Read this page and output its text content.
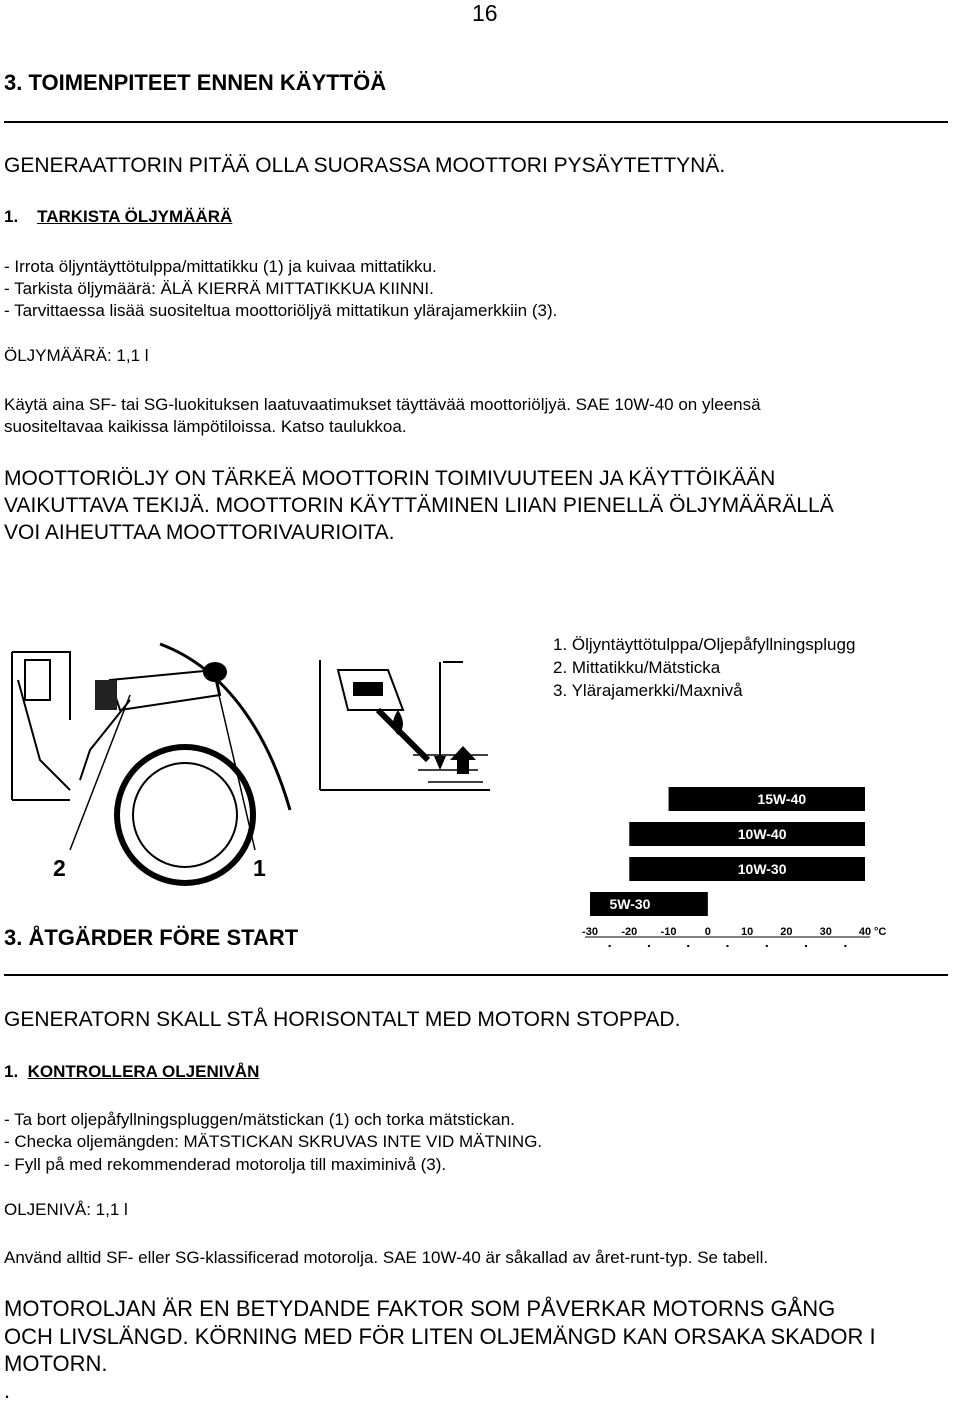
16
3. TOIMENPITEET ENNEN KÄYTTÖÄ
GENERAATTORIN PITÄÄ OLLA SUORASSA MOOTTORI PYSÄYTETTYNÄ.
1. TARKISTA ÖLJYMÄÄRÄ
- Irrota öljyntäyttötulppa/mittatikku (1) ja kuivaa mittatikku.
- Tarkista öljymäärä: ÄLÄ KIERRÄ MITTATIKKUA KIINNI.
- Tarvittaessa lisää suositeltua moottoriöljyä mittatikun ylärajamerkkiin (3).
ÖLJYMÄÄRÄ: 1,1 l
Käytä aina SF- tai SG-luokituksen laatuvaatimukset täyttävää moottoriöljyä. SAE 10W-40 on yleensä
suositeltavaa kaikissa lämpötiloissa. Katso taulukkoa.
MOOTTORIÖLJY ON TÄRKEÄ MOOTTORIN TOIMIVUUTEEN JA KÄYTTÖIKÄÄN
VAIKUTTAVA TEKIJÄ. MOOTTORIN KÄYTTÄMINEN LIIAN PIENELLÄ ÖLJYMÄÄRÄLLÄ
VOI AIHEUTTAA MOOTTORIVAURIOITA.
2	1
1. Öljyntäyttötulppa/Oljepåfyllningsplugg
2. Mittatikku/Mätsticka
3. Ylärajamerkki/Maxnivå
15W-40
10W-40
10W-30
5W-30
-30 -20 -10	0	10 20 30 40 °C
3. ÅTGÄRDER FÖRE START
GENERATORN SKALL STÅ HORISONTALT MED MOTORN STOPPAD.
1. KONTROLLERA OLJENIVÅN
- Ta bort oljepåfyllningspluggen/mätstickan (1) och torka mätstickan.
- Checka oljemängden: MÄTSTICKAN SKRUVAS INTE VID MÄTNING.
- Fyll på med rekommenderad motorolja till maximinivå (3).
OLJENIVÅ: 1,1 l
Använd alltid SF- eller SG-klassificerad motorolja. SAE 10W-40 är såkallad av året-runt-typ. Se tabell.
MOTOROLJAN ÄR EN BETYDANDE FAKTOR SOM PÅVERKAR MOTORNS GÅNG
OCH LIVSLÄNGD. KÖRNING MED FÖR LITEN OLJEMÄNGD KAN ORSAKA SKADOR I
MOTORN.
.
